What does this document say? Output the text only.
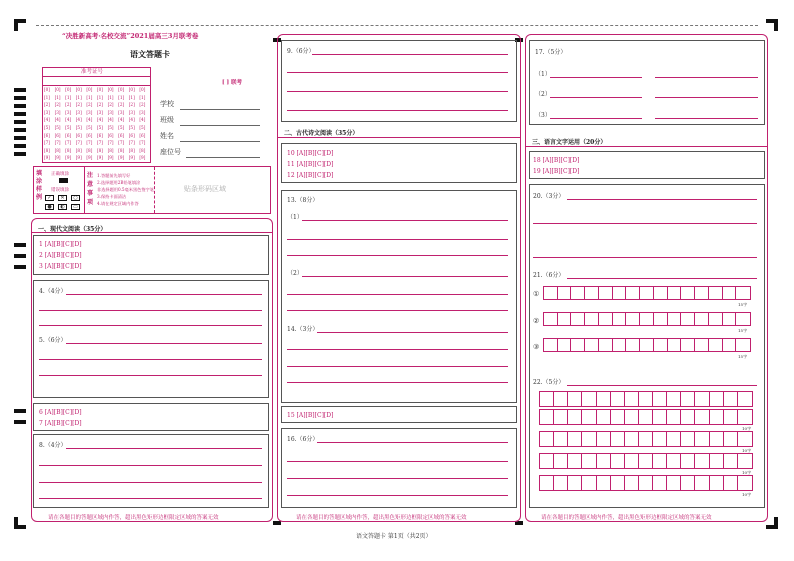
“决胜新高考·名校交流”2021届高三3月联考卷
语文答题卡
[ ] 联考
准考证号
[0] [0] [0] [0] [0] [0] [0] [0] [0] [0]
[1] [1] [1] [1] [1] [1] [1] [1] [1] [1]
[2] [2] [2] [2] [2] [2] [2] [2] [2] [2]
[3] [3] [3] [3] [3] [3] [3] [3] [3] [3]
[4] [4] [4] [4] [4] [4] [4] [4] [4] [4]
[5] [5] [5] [5] [5] [5] [5] [5] [5] [5]
[6] [6] [6] [6] [6] [6] [6] [6] [6] [6]
[7] [7] [7] [7] [7] [7] [7] [7] [7] [7]
[8] [8] [8] [8] [8] [8] [8] [8] [8] [8]
[9] [9] [9] [9] [9] [9] [9] [9] [9] [9]
学校
班级
姓名
座位号
填涂样例
正确填涂
错误填涂
✓	✕	○
●	◐	▭
注意事项
1.答题前先填写好
2.选择题用2B铅笔填涂
非选择题用0.5毫米黑色签字笔
3.保持卡面清洁
4.请在规定区域内作答
贴条形码区域
一、现代文阅读（35分）
1 [A][B][C][D]
2 [A][B][C][D]
3 [A][B][C][D]
4.（4分）
5.（6分）
6 [A][B][C][D]
7 [A][B][C][D]
8.（4分）
请在各题目的答题区域内作答，超出黑色矩形边框限定区域的答案无效
9.（6分）
二、古代诗文阅读（35分）
10 [A][B][C][D]
11 [A][B][C][D]
12 [A][B][C][D]
13.（8分）
（1）
（2）
14.（3分）
15 [A][B][C][D]
16.（6分）
请在各题目的答题区域内作答，超出黑色矩形边框限定区域的答案无效
17.（5分）
（1）
（2）
（3）
三、语言文字运用（20分）
18 [A][B][C][D]
19 [A][B][C][D]
20.（3分）
21.（6分）
①
15字
②
15字
③
15字
22.（5分）
10字
10字
10字
10字
请在各题目的答题区域内作答，超出黑色矩形边框限定区域的答案无效
语文答题卡 第1页（共2页）
